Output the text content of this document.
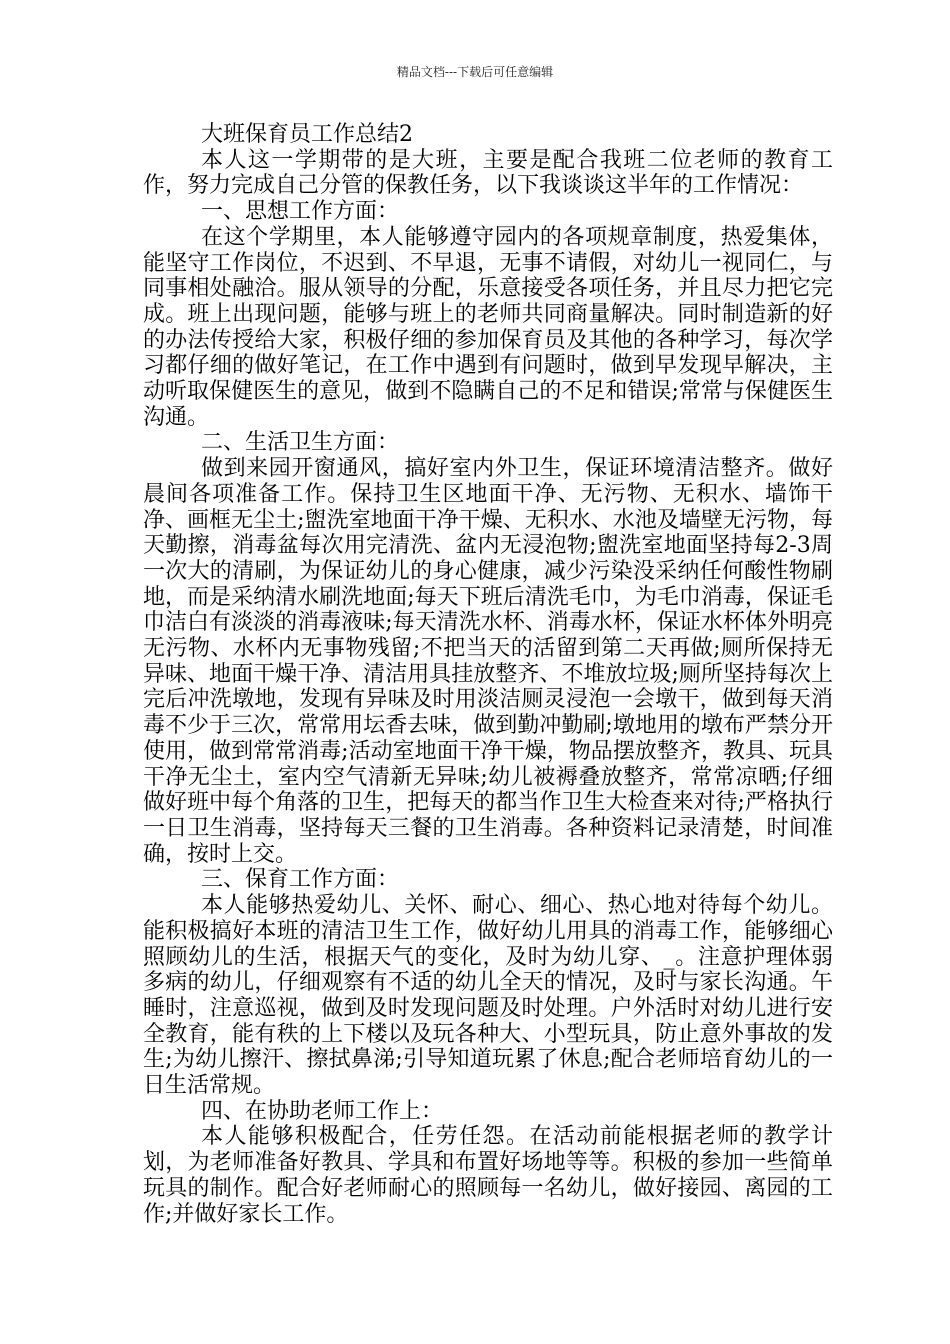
精品文档---下载后可任意编辑

大班保育员工作总结2

本人这一学期带的是大班，主要是配合我班二位老师的教育工作，努力完成自己分管的保教任务，以下我谈谈这半年的工作情况：

一、思想工作方面：

在这个学期里，本人能够遵守园内的各项规章制度，热爱集体，能坚守工作岗位，不迟到、不早退，无事不请假，对幼儿一视同仁，与同事相处融洽。服从领导的分配，乐意接受各项任务，并且尽力把它完成。班上出现问题，能够与班上的老师共同商量解决。同时制造新的好的办法传授给大家，积极仔细的参加保育员及其他的各种学习，每次学习都仔细的做好笔记，在工作中遇到有问题时，做到早发现早解决，主动听取保健医生的意见，做到不隐瞒自己的不足和错误;常常与保健医生沟通。

二、生活卫生方面：

做到来园开窗通风，搞好室内外卫生，保证环境清洁整齐。做好晨间各项准备工作。保持卫生区地面干净、无污物、无积水、墙饰干净、画框无尘土;盥洗室地面干净干燥、无积水、水池及墙壁无污物，每天勤擦，消毒盆每次用完清洗、盆内无浸泡物;盥洗室地面坚持每2-3周一次大的清刷，为保证幼儿的身心健康，减少污染没采纳任何酸性物刷地，而是采纳清水刷洗地面;每天下班后清洗毛巾，为毛巾消毒，保证毛巾洁白有淡淡的消毒液味;每天清洗水杯、消毒水杯，保证水杯体外明亮无污物、水杯内无事物残留;不把当天的活留到第二天再做;厕所保持无异味、地面干燥干净、清洁用具挂放整齐、不堆放垃圾;厕所坚持每次上完后冲洗墩地，发现有异味及时用淡洁厕灵浸泡一会墩干，做到每天消毒不少于三次，常常用坛香去味，做到勤冲勤刷;墩地用的墩布严禁分开使用，做到常常消毒;活动室地面干净干燥，物品摆放整齐，教具、玩具干净无尘土，室内空气清新无异味;幼儿被褥叠放整齐，常常凉晒;仔细做好班中每个角落的卫生，把每天的都当作卫生大检查来对待;严格执行一日卫生消毒，坚持每天三餐的卫生消毒。各种资料记录清楚，时间准确，按时上交。

三、保育工作方面：

本人能够热爱幼儿、关怀、耐心、细心、热心地对待每个幼儿。能积极搞好本班的清洁卫生工作，做好幼儿用具的消毒工作，能够细心照顾幼儿的生活，根据天气的变化，及时为幼儿穿、_。注意护理体弱多病的幼儿，仔细观察有不适的幼儿全天的情况，及时与家长沟通。午睡时，注意巡视，做到及时发现问题及时处理。户外活时对幼儿进行安全教育，能有秩的上下楼以及玩各种大、小型玩具，防止意外事故的发生;为幼儿擦汗、擦拭鼻涕;引导知道玩累了休息;配合老师培育幼儿的一日生活常规。

四、在协助老师工作上：

本人能够积极配合，任劳任怨。在活动前能根据老师的教学计划，为老师准备好教具、学具和布置好场地等等。积极的参加一些简单玩具的制作。配合好老师耐心的照顾每一名幼儿，做好接园、离园的工作;并做好家长工作。
